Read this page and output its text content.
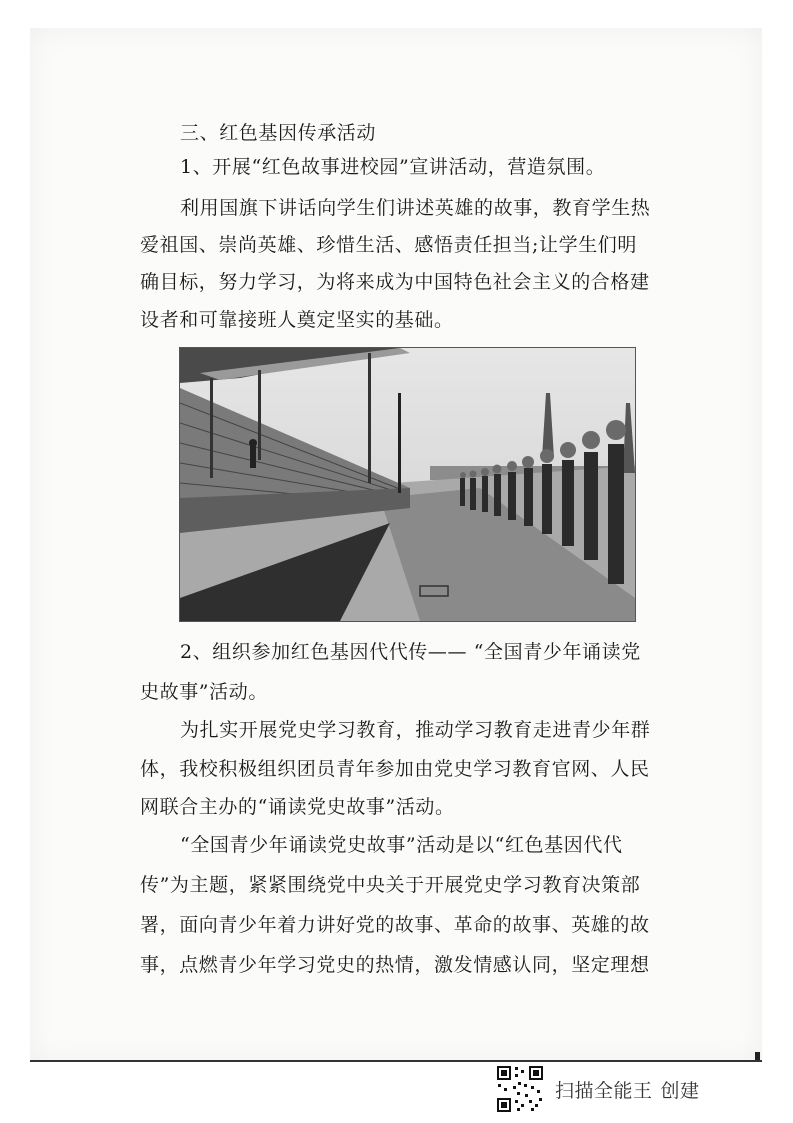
三、红色基因传承活动

1、开展“红色故事进校园”宣讲活动，营造氛围。

利用国旗下讲话向学生们讲述英雄的故事，教育学生热

爱祖国、崇尚英雄、珍惜生活、感悟责任担当;让学生们明

确目标，努力学习，为将来成为中国特色社会主义的合格建

设者和可靠接班人奠定坚实的基础。

2、组织参加红色基因代代传—— “全国青少年诵读党

史故事”活动。

为扎实开展党史学习教育，推动学习教育走进青少年群

体，我校积极组织团员青年参加由党史学习教育官网、人民

网联合主办的“诵读党史故事”活动。

“全国青少年诵读党史故事”活动是以“红色基因代代

传”为主题，紧紧围绕党中央关于开展党史学习教育决策部

署，面向青少年着力讲好党的故事、革命的故事、英雄的故

事，点燃青少年学习党史的热情，激发情感认同，坚定理想

扫描全能王 创建
